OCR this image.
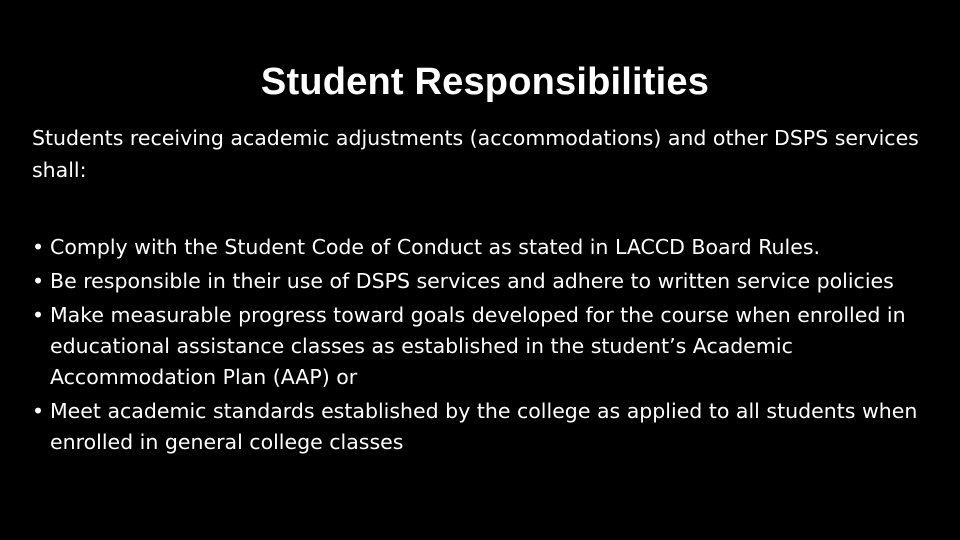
Student Responsibilities
Students receiving academic adjustments (accommodations) and other DSPS services shall:
• Comply with the Student Code of Conduct as stated in LACCD Board Rules.
• Be responsible in their use of DSPS services and adhere to written service policies
• Make measurable progress toward goals developed for the course when enrolled in educational assistance classes as established in the student’s Academic Accommodation Plan (AAP) or
• Meet academic standards established by the college as applied to all students when enrolled in general college classes
